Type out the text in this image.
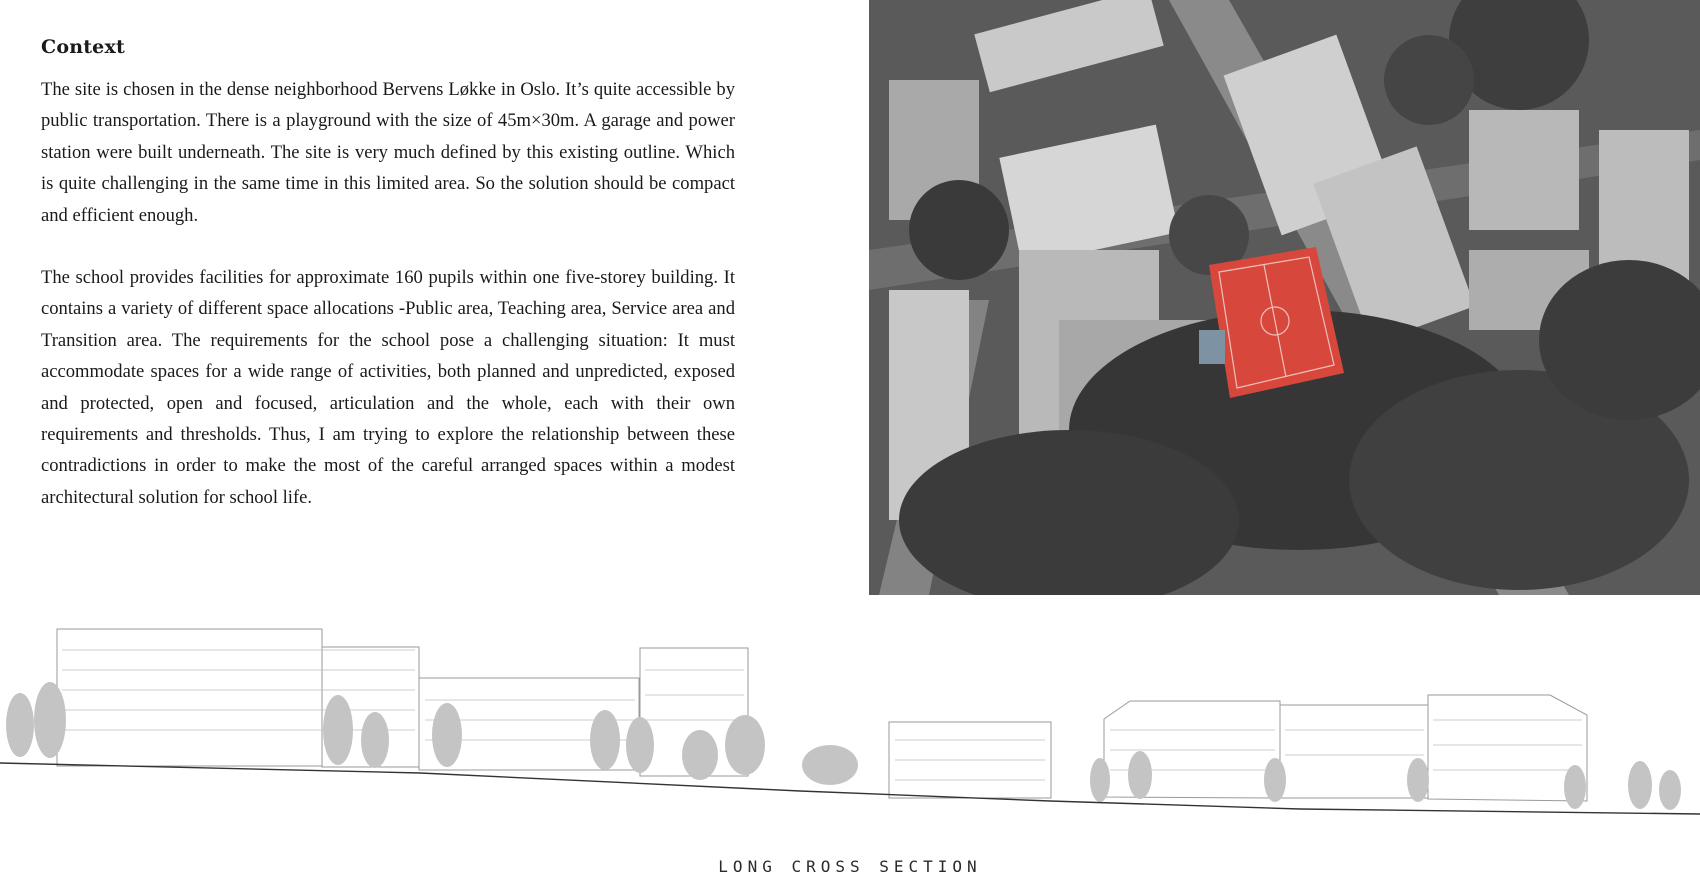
Context

The site is chosen in the dense neighborhood Bervens Løkke in Oslo. It’s quite accessible by public transportation. There is a playground with the size of 45m×30m. A garage and power station were built underneath. The site is very much defined by this existing outline. Which is quite challenging in the same time in this limited area. So the solution should be compact and efficient enough.

The school provides facilities for approximate 160 pupils within one five-storey building. It contains a variety of different space allocations -Public area, Teaching area, Service area and Transition area. The requirements for the school pose a challenging situation: It must accommodate spaces for a wide range of activities, both planned and unpredicted, exposed and protected, open and focused, articulation and the whole, each with their own requirements and thresholds. Thus, I am trying to explore the relationship between these contradictions in order to make the most of the careful arranged spaces within a modest architectural solution for school life.

LONG CROSS SECTION
